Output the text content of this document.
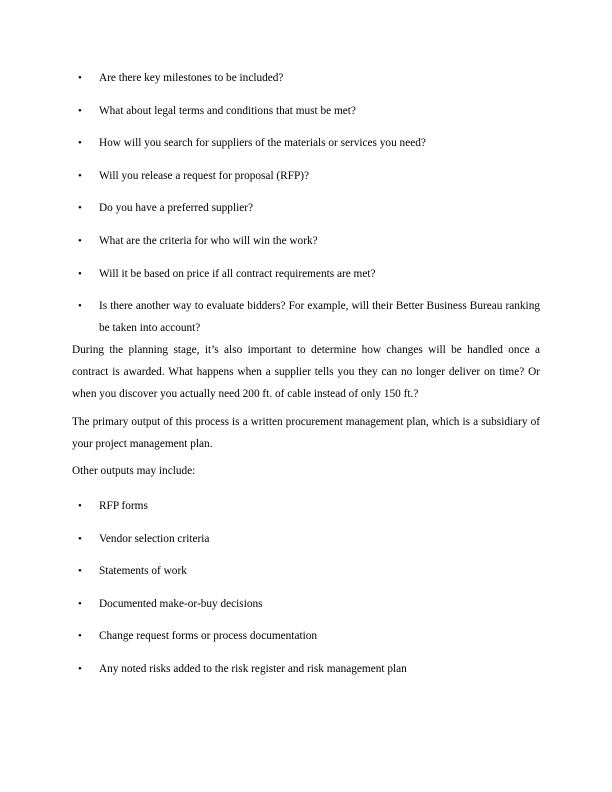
• Are there key milestones to be included?
• What about legal terms and conditions that must be met?
• How will you search for suppliers of the materials or services you need?
• Will you release a request for proposal (RFP)?
• Do you have a preferred supplier?
• What are the criteria for who will win the work?
• Will it be based on price if all contract requirements are met?
• Is there another way to evaluate bidders? For example, will their Better Business Bureau ranking be taken into account?

During the planning stage, it’s also important to determine how changes will be handled once a contract is awarded. What happens when a supplier tells you they can no longer deliver on time? Or when you discover you actually need 200 ft. of cable instead of only 150 ft.?

The primary output of this process is a written procurement management plan, which is a subsidiary of your project management plan.

Other outputs may include:

• RFP forms
• Vendor selection criteria
• Statements of work
• Documented make-or-buy decisions
• Change request forms or process documentation
• Any noted risks added to the risk register and risk management plan
